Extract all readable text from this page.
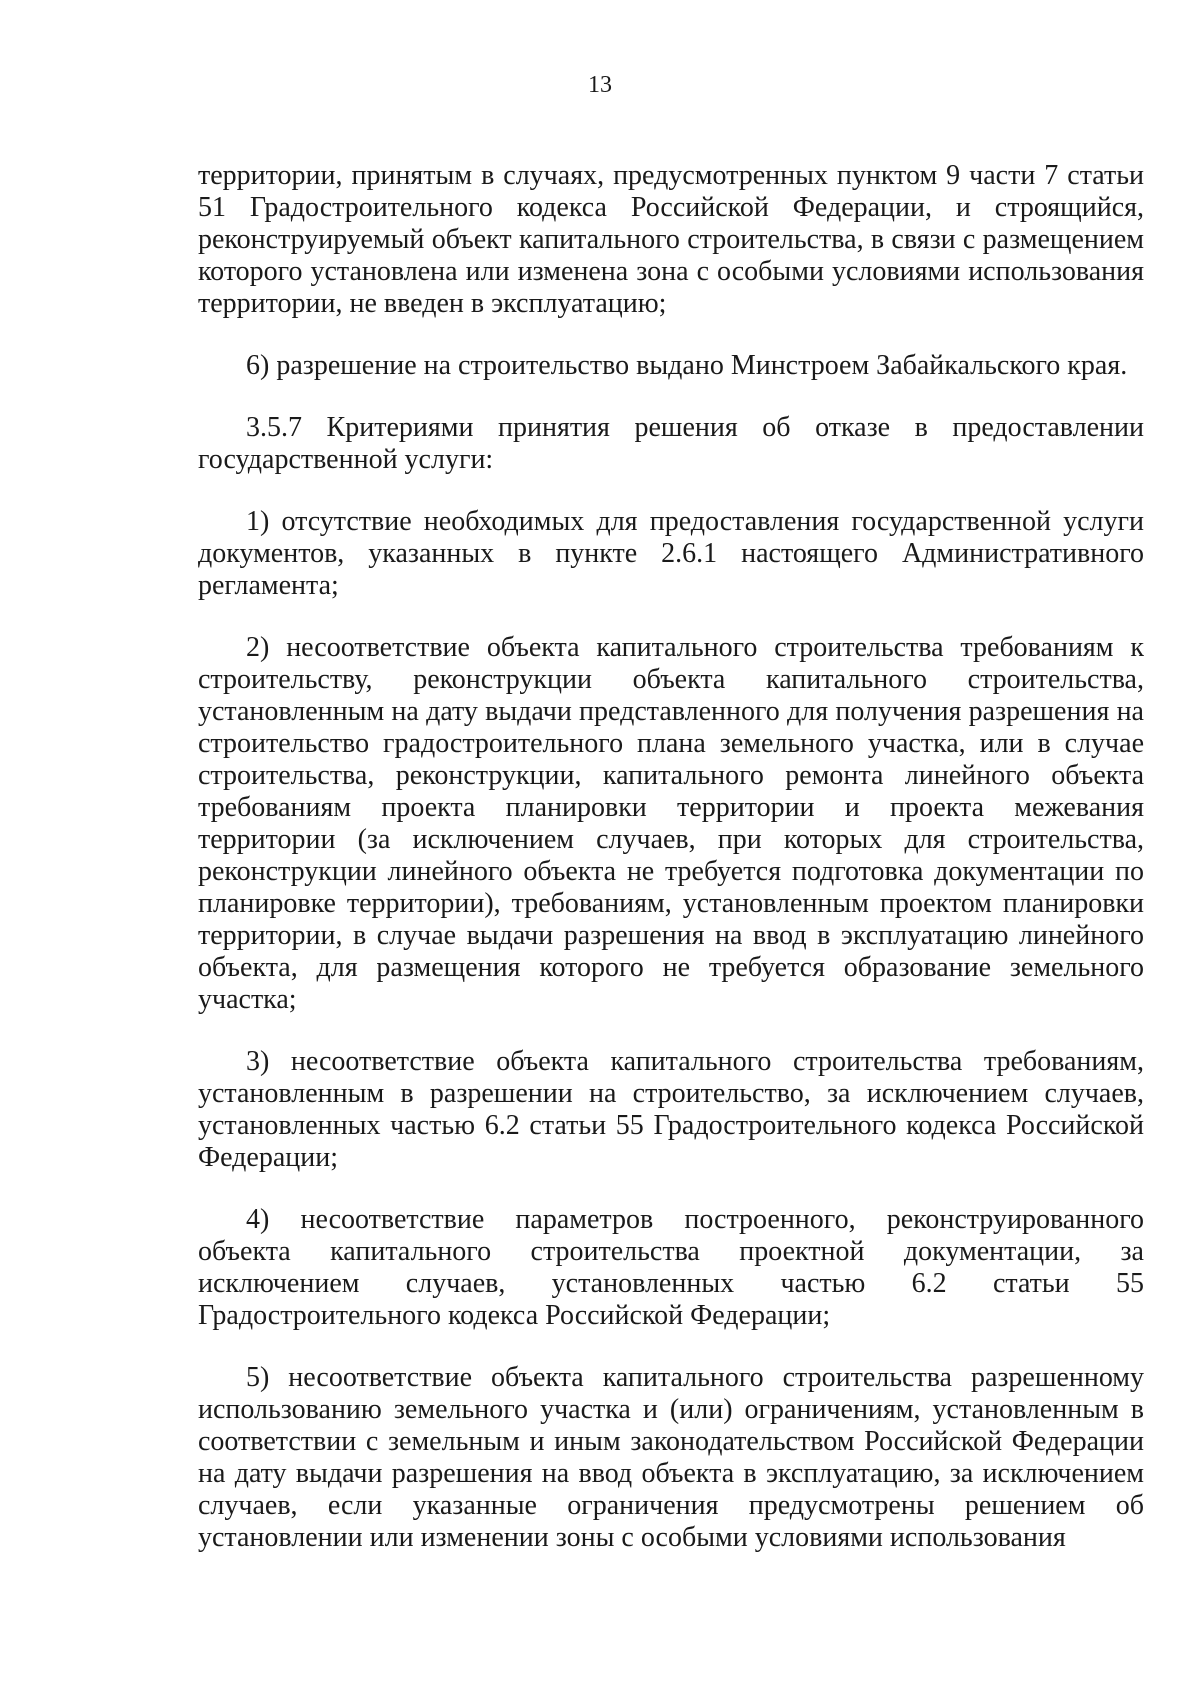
13

территории, принятым в случаях, предусмотренных пунктом 9 части 7 статьи 51 Градостроительного кодекса Российской Федерации, и строящийся, реконструируемый объект капитального строительства, в связи с размещением которого установлена или изменена зона с особыми условиями использования территории, не введен в эксплуатацию;

6) разрешение на строительство выдано Минстроем Забайкальского края.

3.5.7 Критериями принятия решения об отказе в предоставлении государственной услуги:

1) отсутствие необходимых для предоставления государственной услуги документов, указанных в пункте 2.6.1 настоящего Административного регламента;

2) несоответствие объекта капитального строительства требованиям к строительству, реконструкции объекта капитального строительства, установленным на дату выдачи представленного для получения разрешения на строительство градостроительного плана земельного участка, или в случае строительства, реконструкции, капитального ремонта линейного объекта требованиям проекта планировки территории и проекта межевания территории (за исключением случаев, при которых для строительства, реконструкции линейного объекта не требуется подготовка документации по планировке территории), требованиям, установленным проектом планировки территории, в случае выдачи разрешения на ввод в эксплуатацию линейного объекта, для размещения которого не требуется образование земельного участка;

3) несоответствие объекта капитального строительства требованиям, установленным в разрешении на строительство, за исключением случаев, установленных частью 6.2 статьи 55 Градостроительного кодекса Российской Федерации;

4) несоответствие параметров построенного, реконструированного объекта капитального строительства проектной документации, за исключением случаев, установленных частью 6.2 статьи 55 Градостроительного кодекса Российской Федерации;

5) несоответствие объекта капитального строительства разрешенному использованию земельного участка и (или) ограничениям, установленным в соответствии с земельным и иным законодательством Российской Федерации на дату выдачи разрешения на ввод объекта в эксплуатацию, за исключением случаев, если указанные ограничения предусмотрены решением об установлении или изменении зоны с особыми условиями использования
